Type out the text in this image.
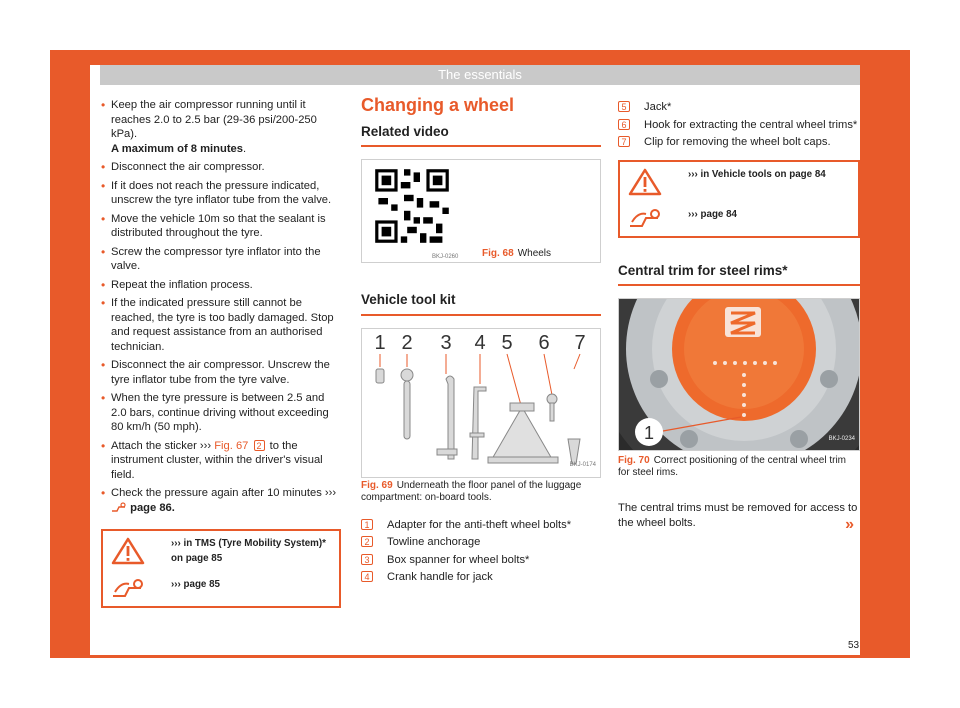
The essentials
• Keep the air compressor running until it reaches 2.0 to 2.5 bar (29-36 psi/200-250 kPa).
A maximum of 8 minutes.
• Disconnect the air compressor.
• If it does not reach the pressure indicated, unscrew the tyre inflator tube from the valve.
• Move the vehicle 10m so that the sealant is distributed throughout the tyre.
• Screw the compressor tyre inflator into the valve.
• Repeat the inflation process.
• If the indicated pressure still cannot be reached, the tyre is too badly damaged. Stop and request assistance from an authorised technician.
• Disconnect the air compressor. Unscrew the tyre inflator tube from the tyre valve.
• When the tyre pressure is between 2.5 and 2.0 bars, continue driving without exceeding 80 km/h (50 mph).
• Attach the sticker ››› Fig. 67 2 to the instrument cluster, within the driver's visual field.
• Check the pressure again after 10 minutes ›››  page 86.
››› in TMS (Tyre Mobility System)* on page 85
››› page 85
Changing a wheel
Related video
BKJ-0260 Fig. 68 Wheels
Vehicle tool kit
1 2 3 4 5 6 7
BKJ-0174
Fig. 69 Underneath the floor panel of the luggage compartment: on-board tools.
1	Adapter for the anti-theft wheel bolts*
2	Towline anchorage
3	Box spanner for wheel bolts*
4	Crank handle for jack
5	Jack*
6	Hook for extracting the central wheel trims*
7	Clip for removing the wheel bolt caps.
››› in Vehicle tools on page 84
››› page 84
Central trim for steel rims*
1	BKJ-0234
Fig. 70 Correct positioning of the central wheel trim for steel rims.
The central trims must be removed for access to the wheel bolts.	»
53
